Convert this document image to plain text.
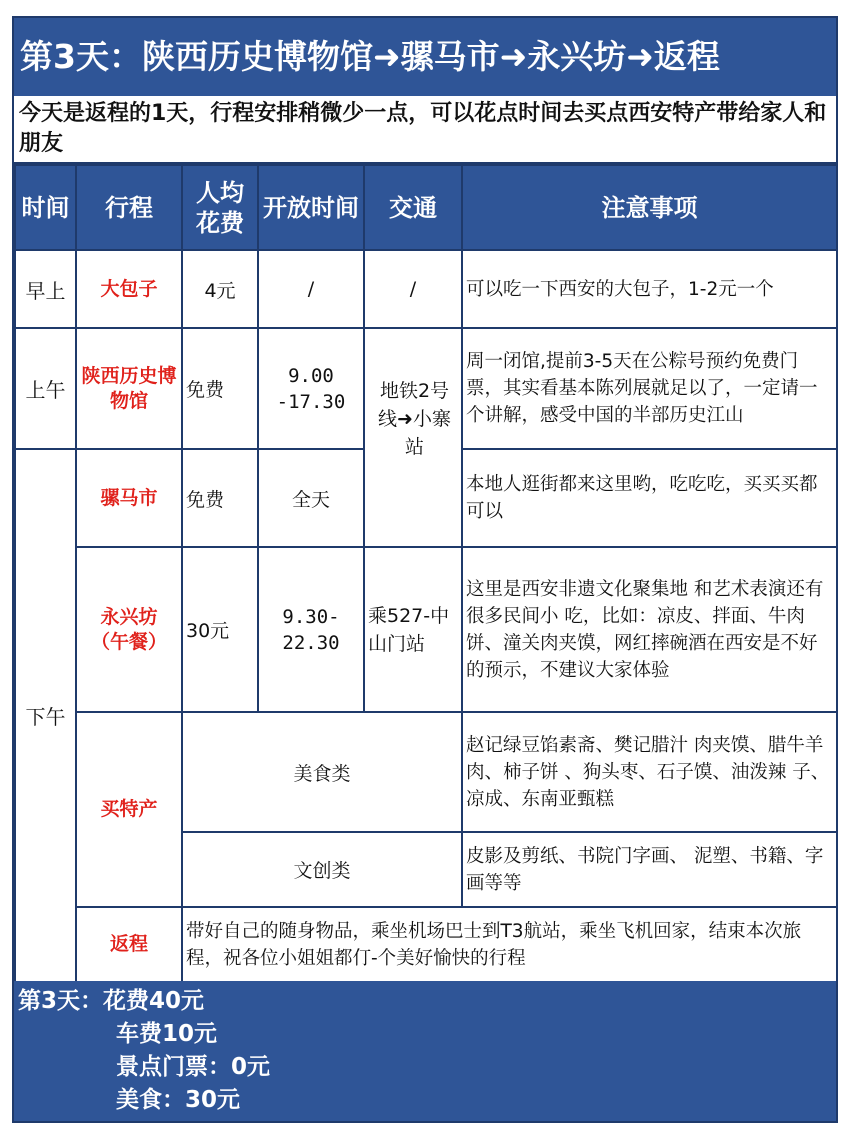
第3天：陕西历史博物馆➜骡马市➜永兴坊➜返程
今天是返程的1天，行程安排稍微少一点，可以花点时间去买点西安特产带给家人和朋友
时间	行程	人均花费	开放时间	交通	注意事项
早上	大包子	4元	/	/	可以吃一下西安的大包子，1-2元一个
上午	陕西历史博物馆	免费	9.00 -17.30	地铁2号线➜小寨站	周一闭馆,提前3-5天在公粽号预约免费门票，其实看基本陈列展就足以了，一定请一个讲解，感受中国的半部历史江山
下午	骡马市	免费	全天		本地人逛街都来这里哟，吃吃吃，买买买都可以

	永兴坊（午餐）	30元	9.30- 22.30	乘527-中山门站	这里是西安非遗文化聚集地 和艺术表演还有很多民间小 吃，比如：凉皮、拌面、牛肉饼、潼关肉夹馍，网红摔碗酒在西安是不好的预示，不建议大家体验
	买特产	美食类			赵记绿豆馅素斋、樊记腊汁 肉夹馍、腊牛羊肉、柿子饼 、狗头枣、石子馍、油泼辣 子、凉成、东南亚甄糕
		文创类			皮影及剪纸、书院门字画、 泥塑、书籍、字画等等
	返程	带好自己的随身物品，乘坐机场巴士到T3航站，乘坐飞机回家，结束本次旅程，祝各位小姐姐都仃-个美好愉快的行程			
第3天：花费40元
车费10元
景点门票：0元
美食：30元
